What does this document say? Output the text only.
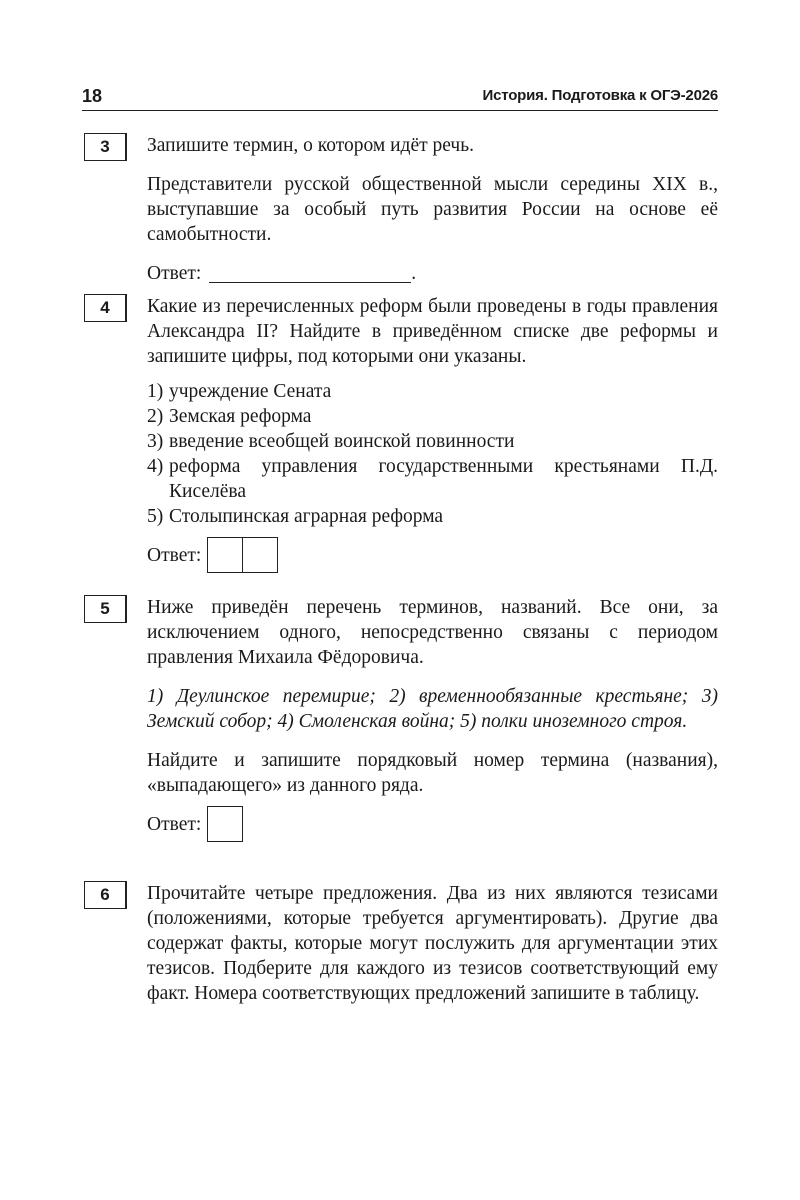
18	История. Подготовка к ОГЭ-2026
3	Запишите термин, о котором идёт речь.

Представители русской общественной мысли середины XIX в., выступавшие за особый путь развития России на основе её самобытности.

Ответ:	.
4	Какие из перечисленных реформ были проведены в годы правления Александра II? Найдите в приведённом списке две реформы и запишите цифры, под которыми они указаны.

1) учреждение Сената
2) Земская реформа
3) введение всеобщей воинской повинности
4) реформа управления государственными крестьянами П.Д. Киселёва
5) Столыпинская аграрная реформа
Ответ:
5	Ниже приведён перечень терминов, названий. Все они, за исключением одного, непосредственно связаны с периодом правления Михаила Фёдоровича.

1) Деулинское перемирие; 2) временнообязанные крестьяне; 3) Земский собор; 4) Смоленская война; 5) полки иноземного строя.

Найдите и запишите порядковый номер термина (названия), «выпадающего» из данного ряда.

Ответ:
6	Прочитайте четыре предложения. Два из них являются тезисами (положениями, которые требуется аргументировать). Другие два содержат факты, которые могут послужить для аргументации этих тезисов. Подберите для каждого из тезисов соответствующий ему факт. Номера соответствующих предложений запишите в таблицу.
